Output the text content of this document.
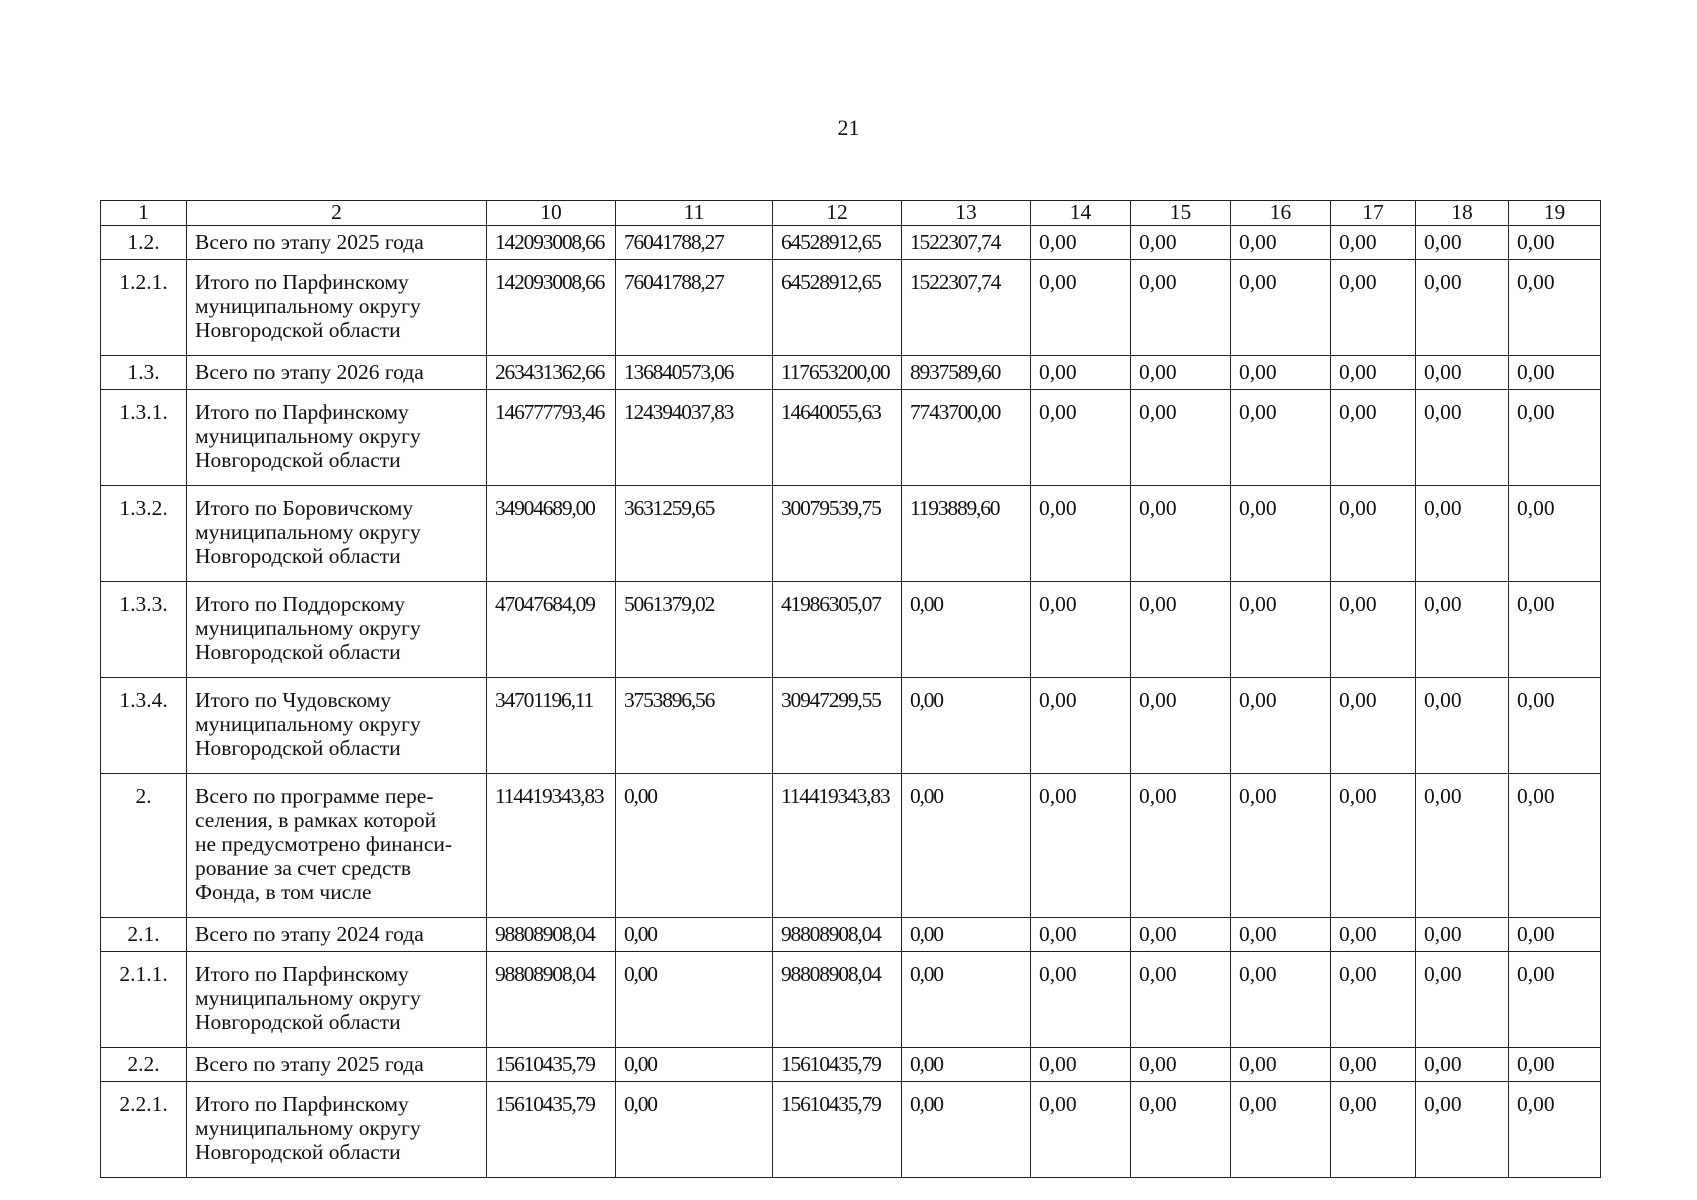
21
1	2	10	11	12	13	14	15	16	17	18	19
1.2.	Всего по этапу 2025 года	142093008,66	76041788,27	64528912,65	1522307,74	0,00	0,00	0,00	0,00	0,00	0,00
1.2.1.	Итого по Парфинскому муниципальному округу Новгородской области	142093008,66	76041788,27	64528912,65	1522307,74	0,00	0,00	0,00	0,00	0,00	0,00
1.3.	Всего по этапу 2026 года	263431362,66	136840573,06	117653200,00	8937589,60	0,00	0,00	0,00	0,00	0,00	0,00
1.3.1.	Итого по Парфинскому муниципальному округу Новгородской области	146777793,46	124394037,83	14640055,63	7743700,00	0,00	0,00	0,00	0,00	0,00	0,00
1.3.2.	Итого по Боровичскому муниципальному округу Новгородской области	34904689,00	3631259,65	30079539,75	1193889,60	0,00	0,00	0,00	0,00	0,00	0,00
1.3.3.	Итого по Поддорскому муниципальному округу Новгородской области	47047684,09	5061379,02	41986305,07	0,00	0,00	0,00	0,00	0,00	0,00	0,00
1.3.4.	Итого по Чудовскому муниципальному округу Новгородской области	34701196,11	3753896,56	30947299,55	0,00	0,00	0,00	0,00	0,00	0,00	0,00
2.	Всего по программе пере-
селения, в рамках которой
не предусмотрено финанси-
рование за счет средств
Фонда, в том числе	114419343,83	0,00	114419343,83	0,00	0,00	0,00	0,00	0,00	0,00	0,00
2.1.	Всего по этапу 2024 года	98808908,04	0,00	98808908,04	0,00	0,00	0,00	0,00	0,00	0,00	0,00
2.1.1.	Итого по Парфинскому муниципальному округу Новгородской области	98808908,04	0,00	98808908,04	0,00	0,00	0,00	0,00	0,00	0,00	0,00
2.2.	Всего по этапу 2025 года	15610435,79	0,00	15610435,79	0,00	0,00	0,00	0,00	0,00	0,00	0,00
2.2.1.	Итого по Парфинскому муниципальному округу Новгородской области	15610435,79	0,00	15610435,79	0,00	0,00	0,00	0,00	0,00	0,00	0,00
